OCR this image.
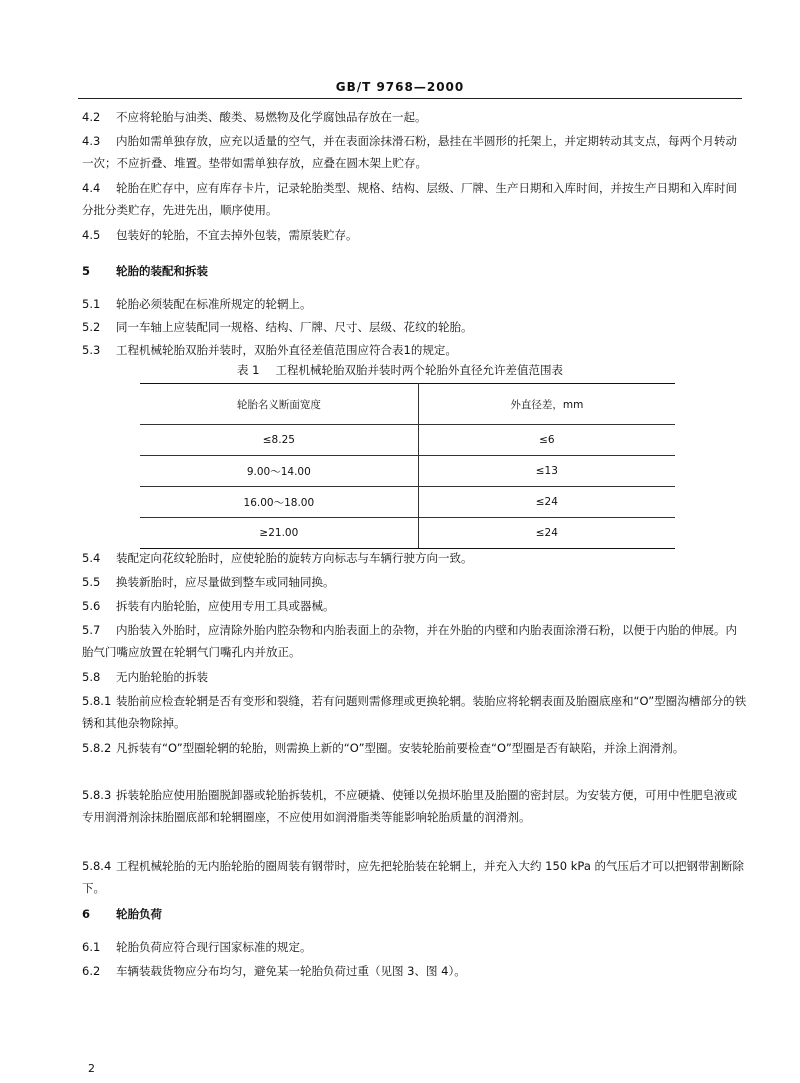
GB/T 9768—2000

4.2 不应将轮胎与油类、酸类、易燃物及化学腐蚀品存放在一起。

4.3 内胎如需单独存放，应充以适量的空气，并在表面涂抹滑石粉，悬挂在半圆形的托架上，并定期转动其支点，每两个月转动一次；不应折叠、堆置。垫带如需单独存放，应叠在圆木架上贮存。

4.4 轮胎在贮存中，应有库存卡片，记录轮胎类型、规格、结构、层级、厂牌、生产日期和入库时间，并按生产日期和入库时间分批分类贮存，先进先出，顺序使用。

4.5 包装好的轮胎，不宜去掉外包装，需原装贮存。

5 轮胎的装配和拆装

5.1 轮胎必须装配在标准所规定的轮辋上。

5.2 同一车轴上应装配同一规格、结构、厂牌、尺寸、层级、花纹的轮胎。

5.3 工程机械轮胎双胎并装时，双胎外直径差值范围应符合表1的规定。

表 1 工程机械轮胎双胎并装时两个轮胎外直径允许差值范围表
轮胎名义断面宽度	外直径差，mm
≤8.25	≤6
9.00～14.00	≤13
16.00～18.00	≤24
≥21.00	≤24

5.4 装配定向花纹轮胎时，应使轮胎的旋转方向标志与车辆行驶方向一致。

5.5 换装新胎时，应尽量做到整车或同轴同换。

5.6 拆装有内胎轮胎，应使用专用工具或器械。

5.7 内胎装入外胎时，应清除外胎内腔杂物和内胎表面上的杂物，并在外胎的内壁和内胎表面涂滑石粉，以便于内胎的伸展。内胎气门嘴应放置在轮辋气门嘴孔内并放正。

5.8 无内胎轮胎的拆装

5.8.1 装胎前应检查轮辋是否有变形和裂缝，若有问题则需修理或更换轮辋。装胎应将轮辋表面及胎圈底座和“O”型圈沟槽部分的铁锈和其他杂物除掉。

5.8.2 凡拆装有“O”型圈轮辋的轮胎，则需换上新的“O”型圈。安装轮胎前要检查“O”型圈是否有缺陷，并涂上润滑剂。

5.8.3 拆装轮胎应使用胎圈脱卸器或轮胎拆装机，不应硬撬、使锤以免损坏胎里及胎圈的密封层。为安装方便，可用中性肥皂液或专用润滑剂涂抹胎圈底部和轮辋圈座，不应使用如润滑脂类等能影响轮胎质量的润滑剂。

5.8.4 工程机械轮胎的无内胎轮胎的圈周装有钢带时，应先把轮胎装在轮辋上，并充入大约 150 kPa 的气压后才可以把钢带割断除下。

6 轮胎负荷

6.1 轮胎负荷应符合现行国家标准的规定。

6.2 车辆装载货物应分布均匀，避免某一轮胎负荷过重（见图 3、图 4）。

2
